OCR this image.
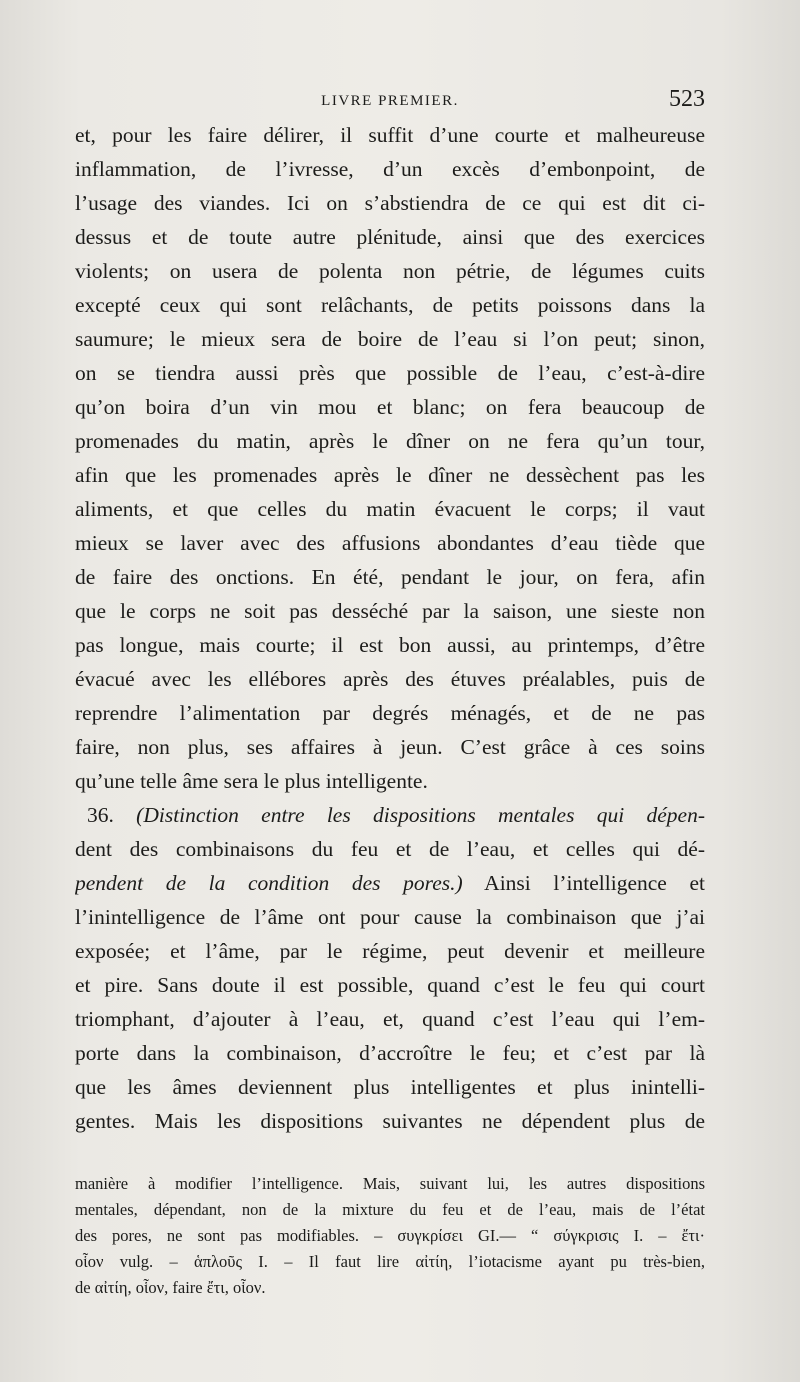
LIVRE PREMIER.	523
et, pour les faire délirer, il suffit d’une courte et malheureuse
inflammation, de l’ivresse, d’un excès d’embonpoint, de
l’usage des viandes. Ici on s’abstiendra de ce qui est dit ci-
dessus et de toute autre plénitude, ainsi que des exercices
violents; on usera de polenta non pétrie, de légumes cuits
excepté ceux qui sont relâchants, de petits poissons dans la
saumure; le mieux sera de boire de l’eau si l’on peut; sinon,
on se tiendra aussi près que possible de l’eau, c’est-à-dire
qu’on boira d’un vin mou et blanc; on fera beaucoup de
promenades du matin, après le dîner on ne fera qu’un tour,
afin que les promenades après le dîner ne dessèchent pas les
aliments, et que celles du matin évacuent le corps; il vaut
mieux se laver avec des affusions abondantes d’eau tiède que
de faire des onctions. En été, pendant le jour, on fera, afin
que le corps ne soit pas desséché par la saison, une sieste non
pas longue, mais courte; il est bon aussi, au printemps, d’être
évacué avec les ellébores après des étuves préalables, puis de
reprendre l’alimentation par degrés ménagés, et de ne pas
faire, non plus, ses affaires à jeun. C’est grâce à ces soins
qu’une telle âme sera le plus intelligente.
36. (Distinction entre les dispositions mentales qui dépen-
dent des combinaisons du feu et de l’eau, et celles qui dé-
pendent de la condition des pores.) Ainsi l’intelligence et
l’inintelligence de l’âme ont pour cause la combinaison que j’ai
exposée; et l’âme, par le régime, peut devenir et meilleure
et pire. Sans doute il est possible, quand c’est le feu qui court
triomphant, d’ajouter à l’eau, et, quand c’est l’eau qui l’em-
porte dans la combinaison, d’accroître le feu; et c’est par là
que les âmes deviennent plus intelligentes et plus inintelli-
gentes. Mais les dispositions suivantes ne dépendent plus de
manière à modifier l’intelligence. Mais, suivant lui, les autres dispositions
mentales, dépendant, non de la mixture du feu et de l’eau, mais de l’état
des pores, ne sont pas modifiables. – συγκρίσει GI.— “ σύγκρισις I. – ἔτι·
οἷον vulg. – ἁπλοῦς I. – Il faut lire αἰτίη, l’iotacisme ayant pu très-bien,
de αἰτίη, οἷον, faire ἔτι, οἷον.
